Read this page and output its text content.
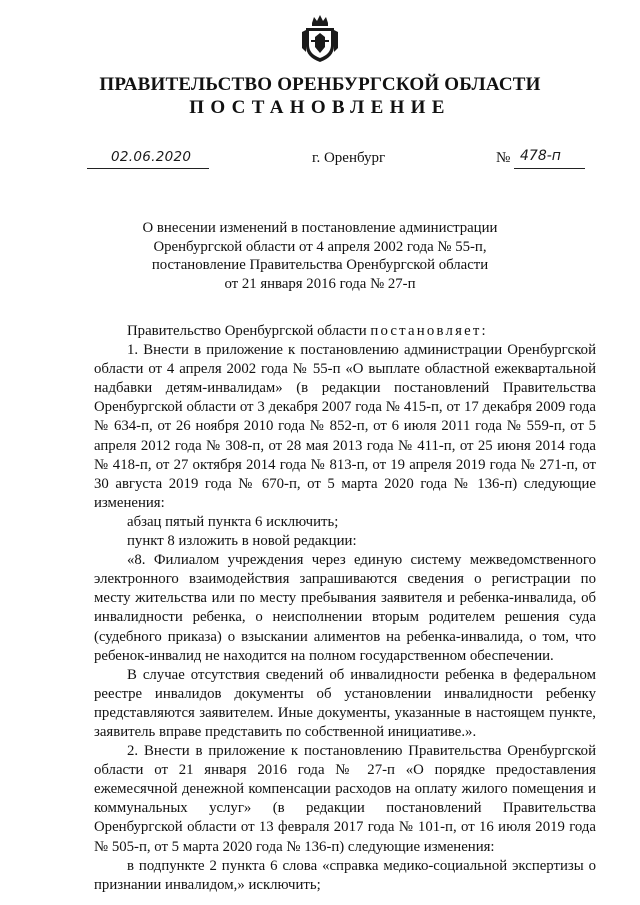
ПРАВИТЕЛЬСТВО ОРЕНБУРГСКОЙ ОБЛАСТИ
ПОСТАНОВЛЕНИЕ
02.06.2020	г. Оренбург	№ 478-п
О внесении изменений в постановление администрации
Оренбургской области от 4 апреля 2002 года № 55-п,
постановление Правительства Оренбургской области
от 21 января 2016 года № 27-п

Правительство Оренбургской области постановляет:

1. Внести в приложение к постановлению администрации Оренбургской области от 4 апреля 2002 года № 55-п «О выплате областной ежеквартальной надбавки детям-инвалидам» (в редакции постановлений Правительства Оренбургской области от 3 декабря 2007 года № 415-п, от 17 декабря 2009 года № 634-п, от 26 ноября 2010 года № 852-п, от 6 июля 2011 года № 559-п, от 5 апреля 2012 года № 308-п, от 28 мая 2013 года № 411-п, от 25 июня 2014 года № 418-п, от 27 октября 2014 года № 813-п, от 19 апреля 2019 года № 271-п, от 30 августа 2019 года № 670-п, от 5 марта 2020 года № 136-п) следующие изменения:

абзац пятый пункта 6 исключить;

пункт 8 изложить в новой редакции:

«8. Филиалом учреждения через единую систему межведомственного электронного взаимодействия запрашиваются сведения о регистрации по месту жительства или по месту пребывания заявителя и ребенка-инвалида, об инвалидности ребенка, о неисполнении вторым родителем решения суда (судебного приказа) о взыскании алиментов на ребенка-инвалида, о том, что ребенок-инвалид не находится на полном государственном обеспечении.

В случае отсутствия сведений об инвалидности ребенка в федеральном реестре инвалидов документы об установлении инвалидности ребенку представляются заявителем. Иные документы, указанные в настоящем пункте, заявитель вправе представить по собственной инициативе.».

2. Внести в приложение к постановлению Правительства Оренбургской области от 21 января 2016 года № 27-п «О порядке предоставления ежемесячной денежной компенсации расходов на оплату жилого помещения и коммунальных услуг» (в редакции постановлений Правительства Оренбургской области от 13 февраля 2017 года № 101-п, от 16 июля 2019 года № 505-п, от 5 марта 2020 года № 136-п) следующие изменения:

в подпункте 2 пункта 6 слова «справка медико-социальной экспертизы о признании инвалидом,» исключить;
